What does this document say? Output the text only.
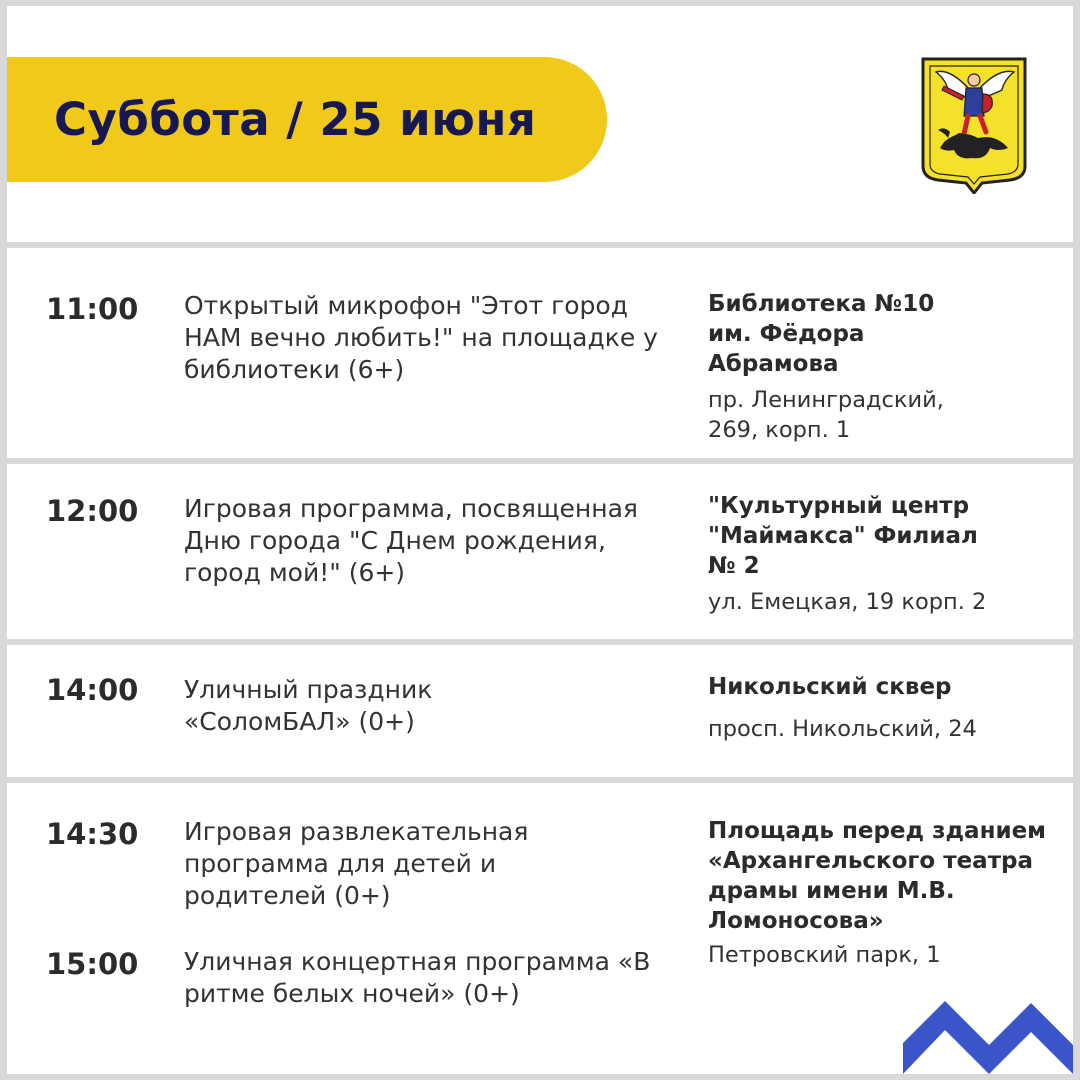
Суббота / 25 июня
11:00 Открытый микрофон "Этот город НАМ вечно любить!" на площадке у библиотеки (6+)
Библиотека №10 им. Фёдора Абрамова
пр. Ленинградский, 269, корп. 1
12:00 Игровая программа, посвященная Дню города "С Днем рождения, город мой!" (6+)
"Культурный центр "Маймакса" Филиал № 2
ул. Емецкая, 19 корп. 2
14:00 Уличный праздник «СоломБАЛ» (0+)
Никольский сквер
просп. Никольский, 24
14:30 Игровая развлекательная программа для детей и родителей (0+)
15:00 Уличная концертная программа «В ритме белых ночей» (0+)
Площадь перед зданием «Архангельского театра драмы имени М.В. Ломоносова»
Петровский парк, 1
